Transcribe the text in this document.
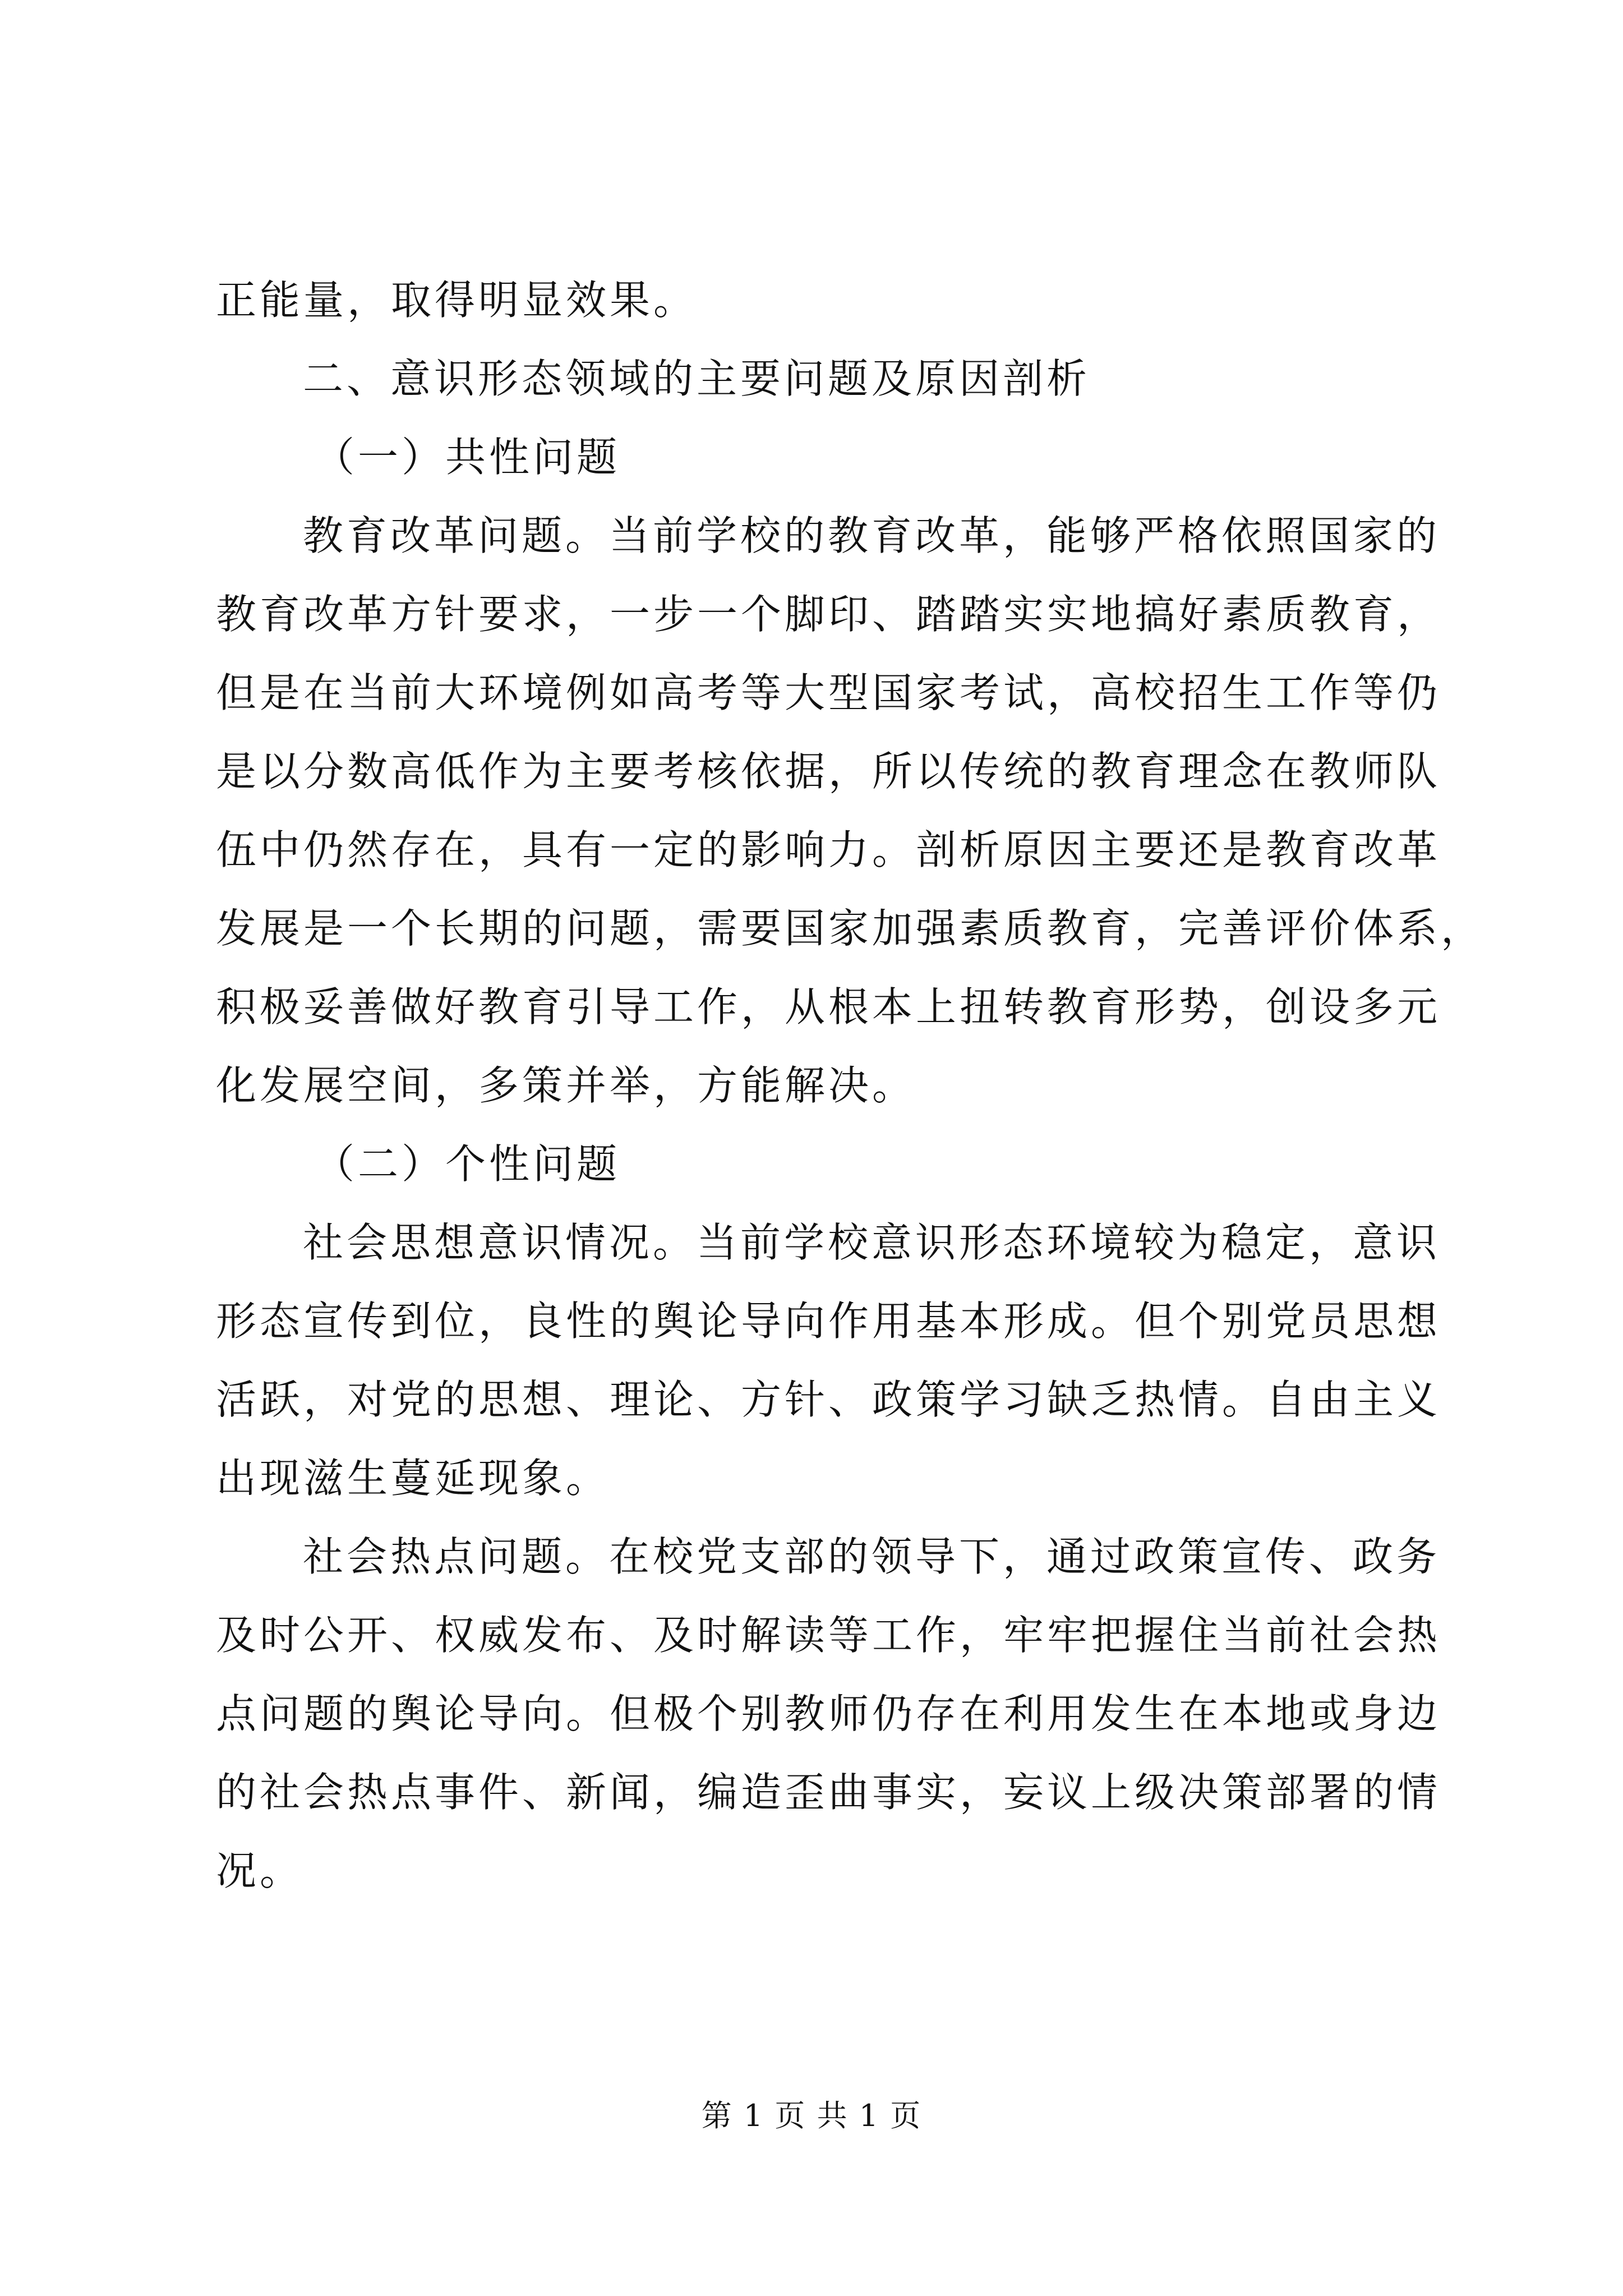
正能量，取得明显效果。
二、意识形态领域的主要问题及原因剖析
（一）共性问题
教育改革问题。当前学校的教育改革，能够严格依照国家的
教育改革方针要求，一步一个脚印、踏踏实实地搞好素质教育，
但是在当前大环境例如高考等大型国家考试，高校招生工作等仍
是以分数高低作为主要考核依据，所以传统的教育理念在教师队
伍中仍然存在，具有一定的影响力。剖析原因主要还是教育改革
发展是一个长期的问题，需要国家加强素质教育，完善评价体系，
积极妥善做好教育引导工作，从根本上扭转教育形势，创设多元
化发展空间，多策并举，方能解决。
（二）个性问题
社会思想意识情况。当前学校意识形态环境较为稳定，意识
形态宣传到位，良性的舆论导向作用基本形成。但个别党员思想
活跃，对党的思想、理论、方针、政策学习缺乏热情。自由主义
出现滋生蔓延现象。
社会热点问题。在校党支部的领导下，通过政策宣传、政务
及时公开、权威发布、及时解读等工作，牢牢把握住当前社会热
点问题的舆论导向。但极个别教师仍存在利用发生在本地或身边
的社会热点事件、新闻，编造歪曲事实，妄议上级决策部署的情
况。
第 1 页 共 1 页
